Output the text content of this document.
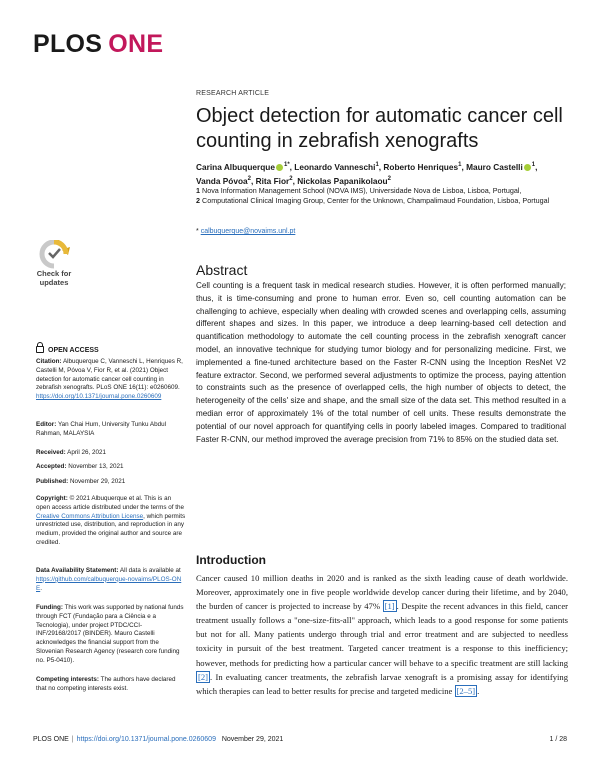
PLOS ONE
RESEARCH ARTICLE
Object detection for automatic cancer cell counting in zebrafish xenografts
Carina Albuquerque $^{1*}$, Leonardo Vanneschi$^1$, Roberto Henriques$^1$, Mauro Castelli $^1$,
Vanda Póvoa$^2$, Rita Fior$^2$, Nickolas Papanikolaou$^2$
1 Nova Information Management School (NOVA IMS), Universidade Nova de Lisboa, Lisboa, Portugal,
2 Computational Clinical Imaging Group, Center for the Unknown, Champalimaud Foundation, Lisboa, Portugal
* calbuquerque@novaims.unl.pt
Check for
updates
OPEN ACCESS
Citation: Albuquerque C, Vanneschi L, Henriques R, Castelli M, Póvoa V, Fior R, et al. (2021) Object detection for automatic cancer cell counting in zebrafish xenografts. PLoS ONE 16(11): e0260609. https://doi.org/10.1371/journal.pone.0260609
Editor: Yan Chai Hum, University Tunku Abdul Rahman, MALAYSIA
Received: April 26, 2021
Accepted: November 13, 2021
Published: November 29, 2021
Copyright: © 2021 Albuquerque et al. This is an open access article distributed under the terms of the Creative Commons Attribution License, which permits unrestricted use, distribution, and reproduction in any medium, provided the original author and source are credited.
Data Availability Statement: All data is available at https://github.com/calbuquerque-novaims/PLOS-ONE.
Funding: This work was supported by national funds through FCT (Fundação para a Ciência e a Tecnologia), under project PTDC/CCI-INF/29168/2017 (BINDER). Mauro Castelli acknowledges the financial support from the Slovenian Research Agency (research core funding no. P5-0410).
Competing interests: The authors have declared that no competing interests exist.
Abstract
Cell counting is a frequent task in medical research studies. However, it is often performed manually; thus, it is time-consuming and prone to human error. Even so, cell counting automation can be challenging to achieve, especially when dealing with crowded scenes and overlapping cells, assuming different shapes and sizes. In this paper, we introduce a deep learning-based cell detection and quantification methodology to automate the cell counting process in the zebrafish xenograft cancer model, an innovative technique for studying tumor biology and for personalizing medicine. First, we implemented a fine-tuned architecture based on the Faster R-CNN using the Inception ResNet V2 feature extractor. Second, we performed several adjustments to optimize the process, paying attention to constraints such as the presence of overlapped cells, the high number of objects to detect, the heterogeneity of the cells' size and shape, and the small size of the data set. This method resulted in a median error of approximately 1% of the total number of cell units. These results demonstrate the potential of our novel approach for quantifying cells in poorly labeled images. Compared to traditional Faster R-CNN, our method improved the average precision from 71% to 85% on the studied data set.
Introduction
Cancer caused 10 million deaths in 2020 and is ranked as the sixth leading cause of death worldwide. Moreover, approximately one in five people worldwide develop cancer during their lifetime, and by 2040, the burden of cancer is projected to increase by 47% [1] . Despite the recent advances in this field, cancer treatment usually follows a "one-size-fits-all" approach, which leads to a good response for some patients but not for all. Many patients undergo through trial and error treatment and are subjected to needless toxicity in pursuit of the best treatment. Targeted cancer treatment is a response to this inefficiency; however, methods for predicting how a particular cancer will behave to a specific treatment are still lacking [2] . In evaluating cancer treatments, the zebrafish larvae xenograft is a promising assay for identifying which therapies can lead to better results for precise and targeted medicine [2–5] .
PLOS ONE | https://doi.org/10.1371/journal.pone.0260609 November 29, 2021	1 / 28
